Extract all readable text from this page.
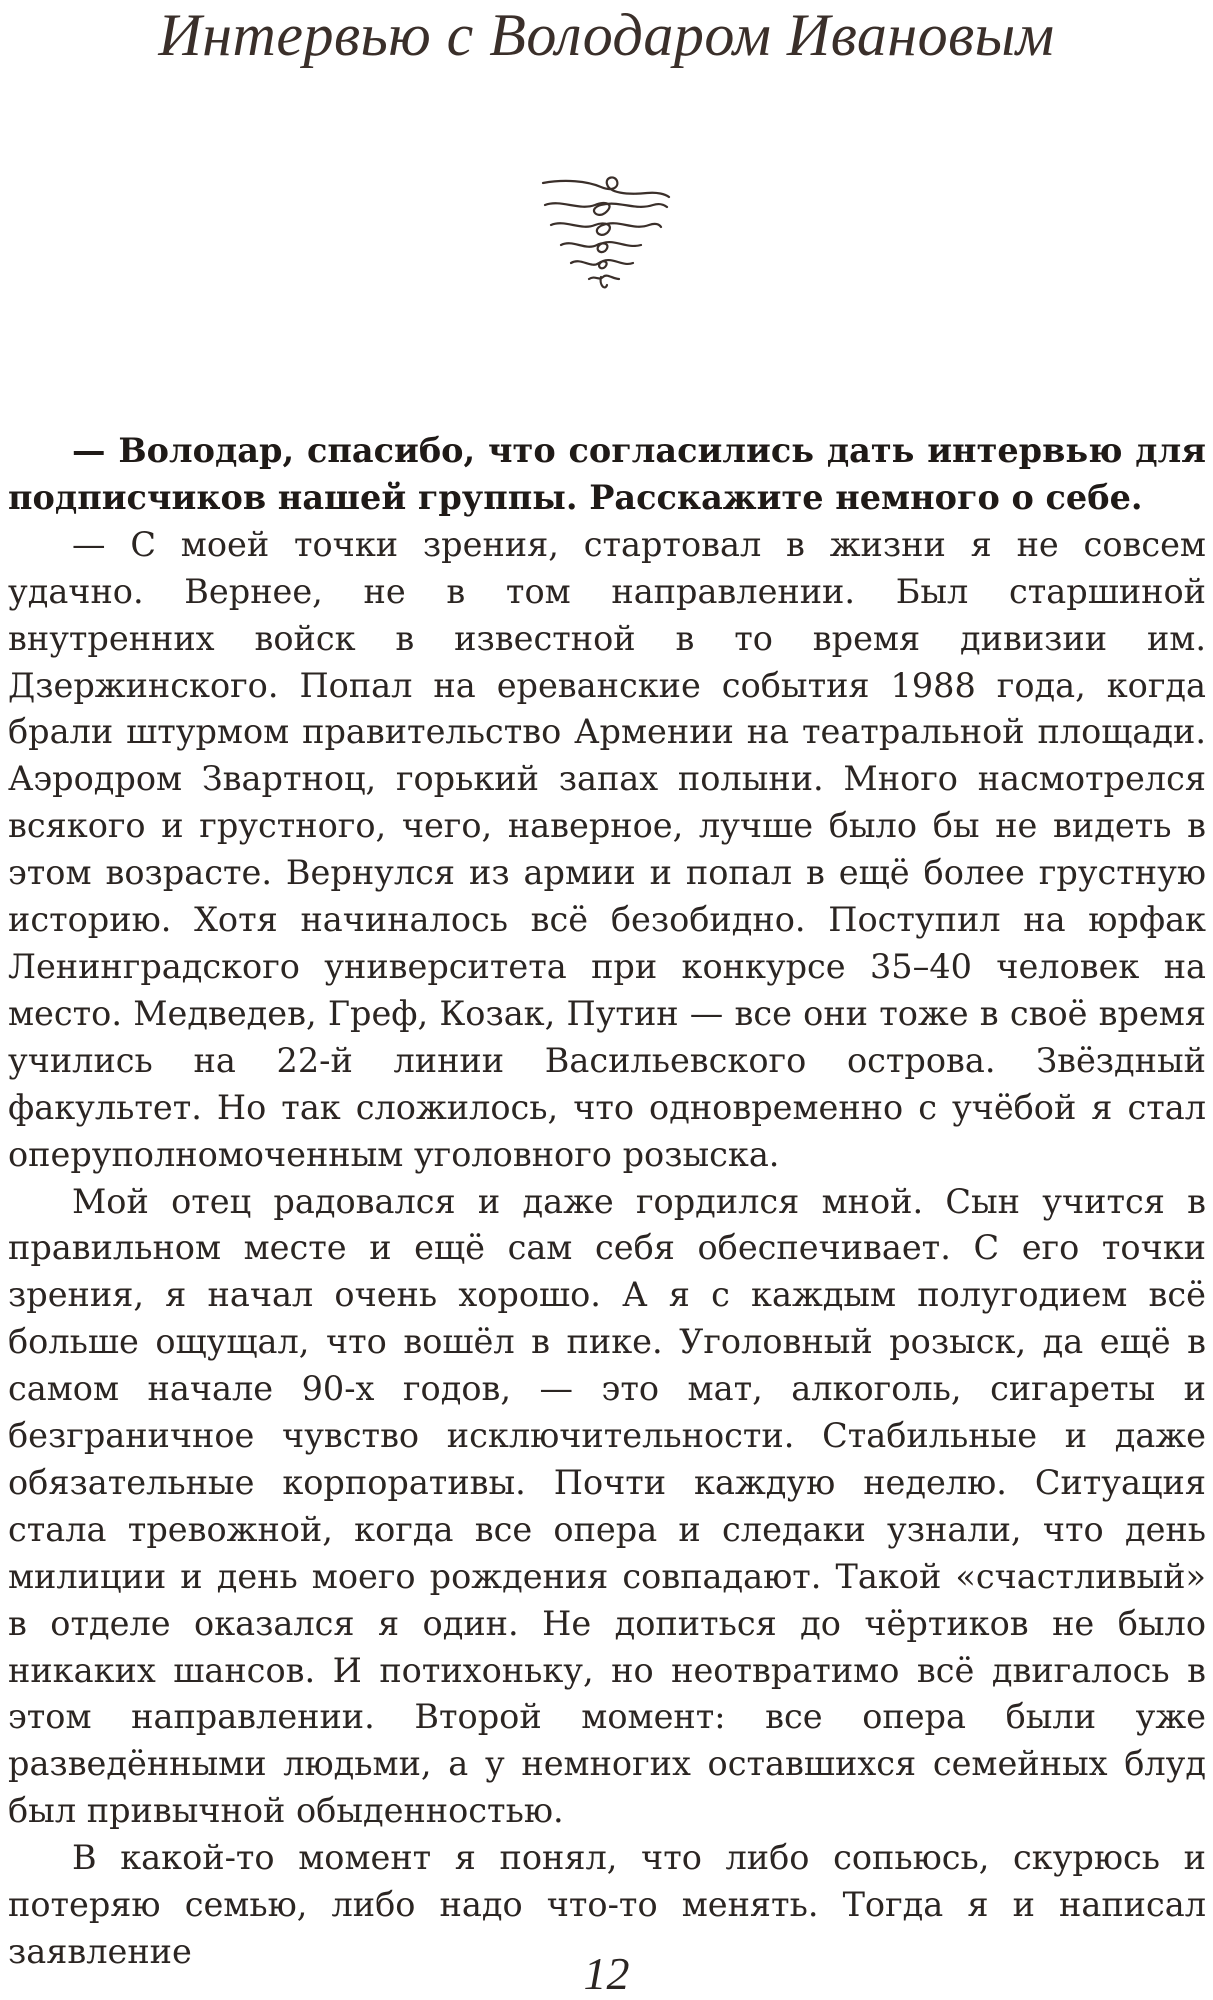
Интервью с Володаром Ивановым

— Володар, спасибо, что согласились дать интервью для подписчиков нашей группы. Расскажите немного о себе.

— С моей точки зрения, стартовал в жизни я не совсем удачно. Вернее, не в том направлении. Был старшиной внутренних войск в известной в то время дивизии им. Дзержинского. Попал на ереванские события 1988 года, когда брали штурмом правительство Армении на театральной площади. Аэродром Звартноц, горький запах полыни. Много насмотрелся всякого и грустного, чего, наверное, лучше было бы не видеть в этом возрасте. Вернулся из армии и попал в ещё более грустную историю. Хотя начиналось всё безобидно. Поступил на юрфак Ленинградского университета при конкурсе 35–40 человек на место. Медведев, Греф, Козак, Путин — все они тоже в своё время учились на 22-й линии Васильевского острова. Звёздный факультет. Но так сложилось, что одновременно с учёбой я стал оперуполномоченным уголовного розыска.

Мой отец радовался и даже гордился мной. Сын учится в правильном месте и ещё сам себя обеспечивает. С его точки зрения, я начал очень хорошо. А я с каждым полугодием всё больше ощущал, что вошёл в пике. Уголовный розыск, да ещё в самом начале 90-х годов, — это мат, алкоголь, сигареты и безграничное чувство исключительности. Стабильные и даже обязательные корпоративы. Почти каждую неделю. Ситуация стала тревожной, когда все опера и следаки узнали, что день милиции и день моего рождения совпадают. Такой «счастливый» в отделе оказался я один. Не допиться до чёртиков не было никаких шансов. И потихоньку, но неотвратимо всё двигалось в этом направлении. Второй момент: все опера были уже разведёнными людьми, а у немногих оставшихся семейных блуд был привычной обыденностью.

В какой-то момент я понял, что либо сопьюсь, скурюсь и потеряю семью, либо надо что-то менять. Тогда я и написал заявление	12
